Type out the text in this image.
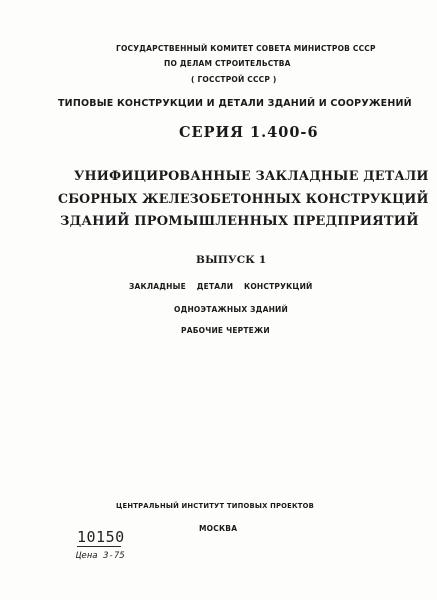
ГОСУДАРСТВЕННЫЙ КОМИТЕТ СОВЕТА МИНИСТРОВ СССР
ПО ДЕЛАМ СТРОИТЕЛЬСТВА
( ГОССТРОЙ СССР )
ТИПОВЫЕ КОНСТРУКЦИИ И ДЕТАЛИ ЗДАНИЙ И СООРУЖЕНИЙ
СЕРИЯ 1.400-6
УНИФИЦИРОВАННЫЕ ЗАКЛАДНЫЕ ДЕТАЛИ
СБОРНЫХ ЖЕЛЕЗОБЕТОННЫХ КОНСТРУКЦИЙ
ЗДАНИЙ ПРОМЫШЛЕННЫХ ПРЕДПРИЯТИЙ
ВЫПУСК 1
ЗАКЛАДНЫЕ ДЕТАЛИ КОНСТРУКЦИЙ
ОДНОЭТАЖНЫХ ЗДАНИЙ
РАБОЧИЕ ЧЕРТЕЖИ
ЦЕНТРАЛЬНЫЙ ИНСТИТУТ ТИПОВЫХ ПРОЕКТОВ
МОСКВА
10150
Цена 3-75
